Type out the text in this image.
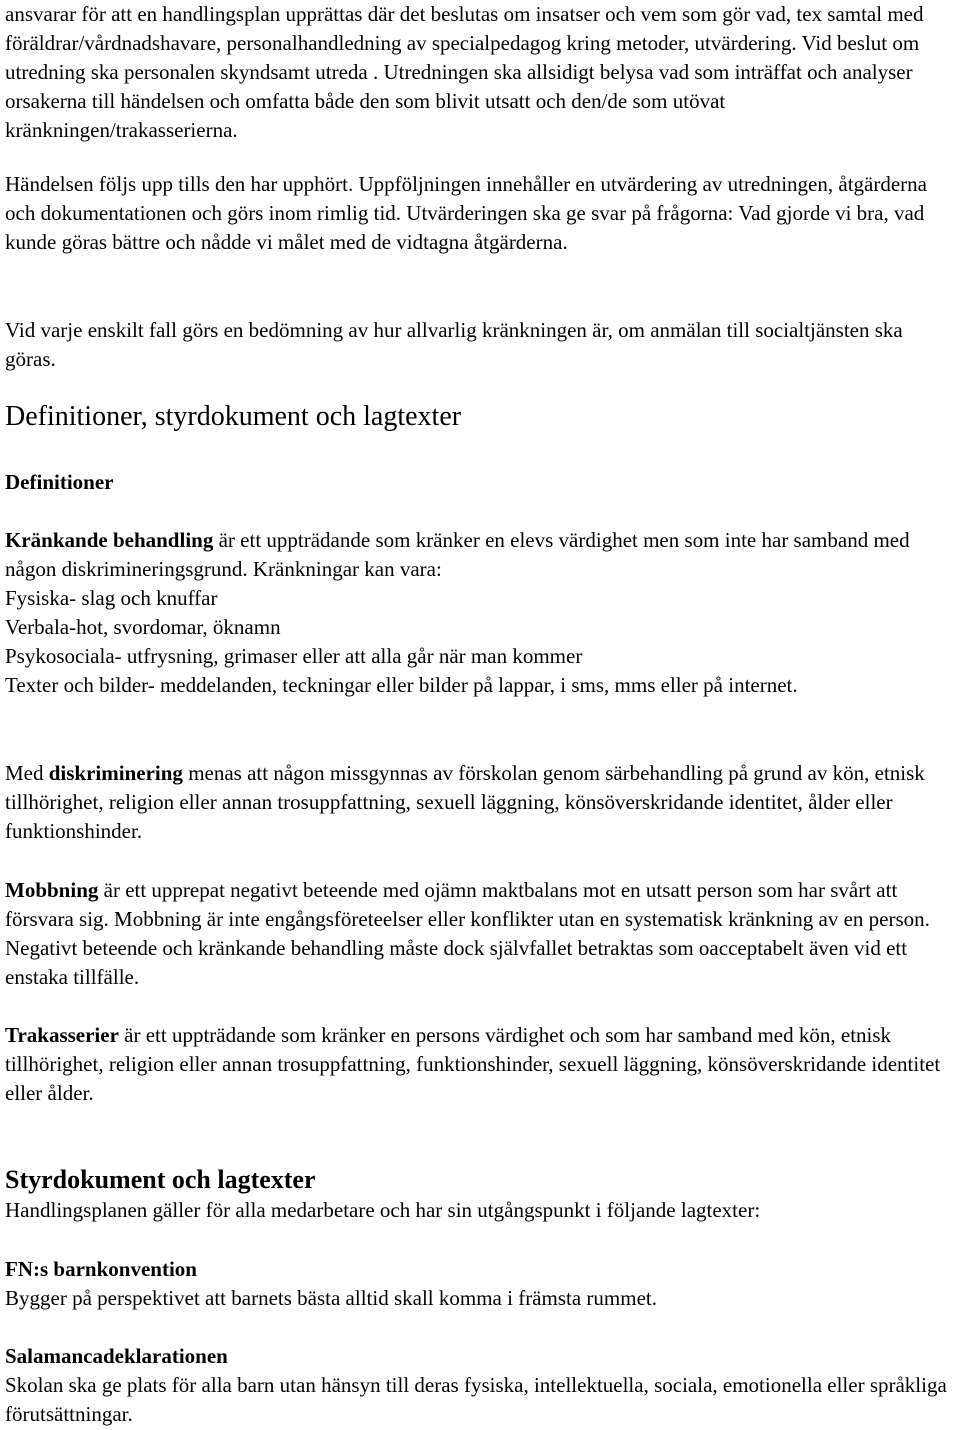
ansvarar för att en handlingsplan upprättas där det beslutas om insatser och vem som gör vad, tex samtal med föräldrar/vårdnadshavare, personalhandledning av specialpedagog kring metoder, utvärdering. Vid beslut om utredning ska personalen skyndsamt utreda . Utredningen ska allsidigt belysa vad som inträffat och analyser orsakerna till händelsen och omfatta både den som blivit utsatt och den/de som utövat kränkningen/trakasserierna.

Händelsen följs upp tills den har upphört. Uppföljningen innehåller en utvärdering av utredningen, åtgärderna och dokumentationen och görs inom rimlig tid. Utvärderingen ska ge svar på frågorna: Vad gjorde vi bra, vad kunde göras bättre och nådde vi målet med de vidtagna åtgärderna.

Vid varje enskilt fall görs en bedömning av hur allvarlig kränkningen är, om anmälan till socialtjänsten ska göras.

Definitioner, styrdokument och lagtexter
Definitioner

Kränkande behandling är ett uppträdande som kränker en elevs värdighet men som inte har samband med någon diskrimineringsgrund. Kränkningar kan vara:

Fysiska- slag och knuffar

Verbala-hot, svordomar, öknamn

Psykosociala- utfrysning, grimaser eller att alla går när man kommer

Texter och bilder- meddelanden, teckningar eller bilder på lappar, i sms, mms eller på internet.

Med diskriminering menas att någon missgynnas av förskolan genom särbehandling på grund av kön, etnisk tillhörighet, religion eller annan trosuppfattning, sexuell läggning, könsöverskridande identitet, ålder eller funktionshinder.

Mobbning är ett upprepat negativt beteende med ojämn maktbalans mot en utsatt person som har svårt att försvara sig. Mobbning är inte engångsföreteelser eller konflikter utan en systematisk kränkning av en person. Negativt beteende och kränkande behandling måste dock självfallet betraktas som oacceptabelt även vid ett enstaka tillfälle.

Trakasserier är ett uppträdande som kränker en persons värdighet och som har samband med kön, etnisk tillhörighet, religion eller annan trosuppfattning, funktionshinder, sexuell läggning, könsöverskridande identitet eller ålder.

Styrdokument och lagtexter

Handlingsplanen gäller för alla medarbetare och har sin utgångspunkt i följande lagtexter:

FN:s barnkonvention

Bygger på perspektivet att barnets bästa alltid skall komma i främsta rummet.

Salamancadeklarationen

Skolan ska ge plats för alla barn utan hänsyn till deras fysiska, intellektuella, sociala, emotionella eller språkliga förutsättningar.
